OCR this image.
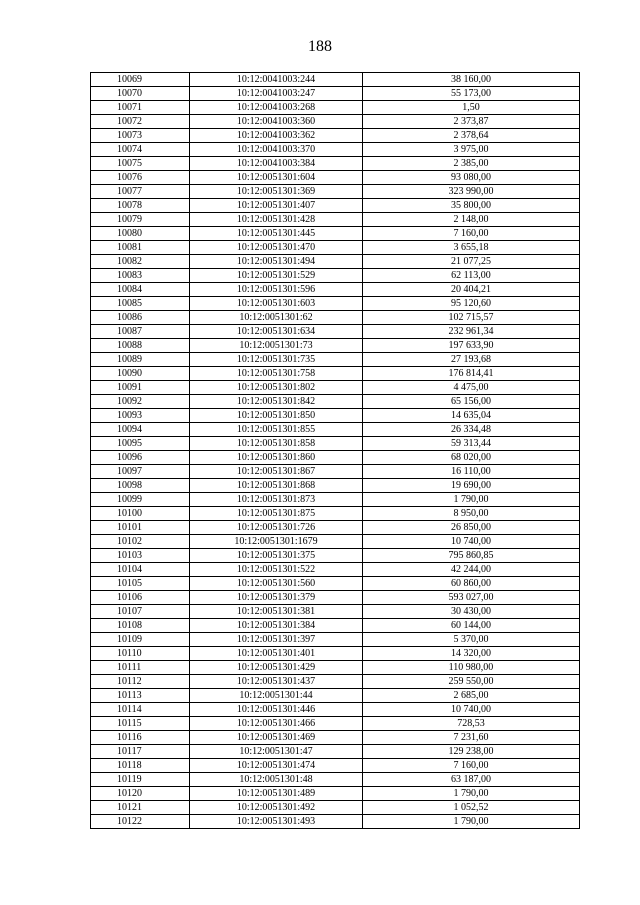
188
10069	10:12:0041003:244	38 160,00
10070	10:12:0041003:247	55 173,00
10071	10:12:0041003:268	1,50
10072	10:12:0041003:360	2 373,87
10073	10:12:0041003:362	2 378,64
10074	10:12:0041003:370	3 975,00
10075	10:12:0041003:384	2 385,00
10076	10:12:0051301:604	93 080,00
10077	10:12:0051301:369	323 990,00
10078	10:12:0051301:407	35 800,00
10079	10:12:0051301:428	2 148,00
10080	10:12:0051301:445	7 160,00
10081	10:12:0051301:470	3 655,18
10082	10:12:0051301:494	21 077,25
10083	10:12:0051301:529	62 113,00
10084	10:12:0051301:596	20 404,21
10085	10:12:0051301:603	95 120,60
10086	10:12:0051301:62	102 715,57
10087	10:12:0051301:634	232 961,34
10088	10:12:0051301:73	197 633,90
10089	10:12:0051301:735	27 193,68
10090	10:12:0051301:758	176 814,41
10091	10:12:0051301:802	4 475,00
10092	10:12:0051301:842	65 156,00
10093	10:12:0051301:850	14 635,04
10094	10:12:0051301:855	26 334,48
10095	10:12:0051301:858	59 313,44
10096	10:12:0051301:860	68 020,00
10097	10:12:0051301:867	16 110,00
10098	10:12:0051301:868	19 690,00
10099	10:12:0051301:873	1 790,00
10100	10:12:0051301:875	8 950,00
10101	10:12:0051301:726	26 850,00
10102	10:12:0051301:1679	10 740,00
10103	10:12:0051301:375	795 860,85
10104	10:12:0051301:522	42 244,00
10105	10:12:0051301:560	60 860,00
10106	10:12:0051301:379	593 027,00
10107	10:12:0051301:381	30 430,00
10108	10:12:0051301:384	60 144,00
10109	10:12:0051301:397	5 370,00
10110	10:12:0051301:401	14 320,00
10111	10:12:0051301:429	110 980,00
10112	10:12:0051301:437	259 550,00
10113	10:12:0051301:44	2 685,00
10114	10:12:0051301:446	10 740,00
10115	10:12:0051301:466	728,53
10116	10:12:0051301:469	7 231,60
10117	10:12:0051301:47	129 238,00
10118	10:12:0051301:474	7 160,00
10119	10:12:0051301:48	63 187,00
10120	10:12:0051301:489	1 790,00
10121	10:12:0051301:492	1 052,52
10122	10:12:0051301:493	1 790,00
